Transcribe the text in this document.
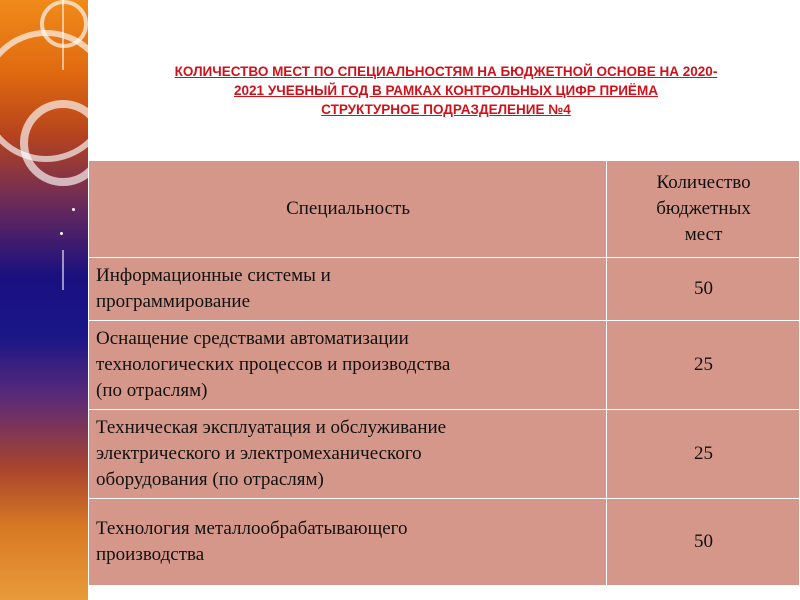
КОЛИЧЕСТВО МЕСТ ПО СПЕЦИАЛЬНОСТЯМ НА БЮДЖЕТНОЙ ОСНОВЕ НА 2020-
2021 УЧЕБНЫЙ ГОД В РАМКАХ КОНТРОЛЬНЫХ ЦИФР ПРИЁМА
СТРУКТУРНОЕ ПОДРАЗДЕЛЕНИЕ №4
Специальность	Количество
бюджетных
мест

Информационные системы и
программирование	50

Оснащение средствами автоматизации
технологических процессов и производства
(по отраслям)	25

Техническая эксплуатация и обслуживание
электрического и электромеханического
оборудования (по отраслям)	25

Технология металлообрабатывающего
производства	50
